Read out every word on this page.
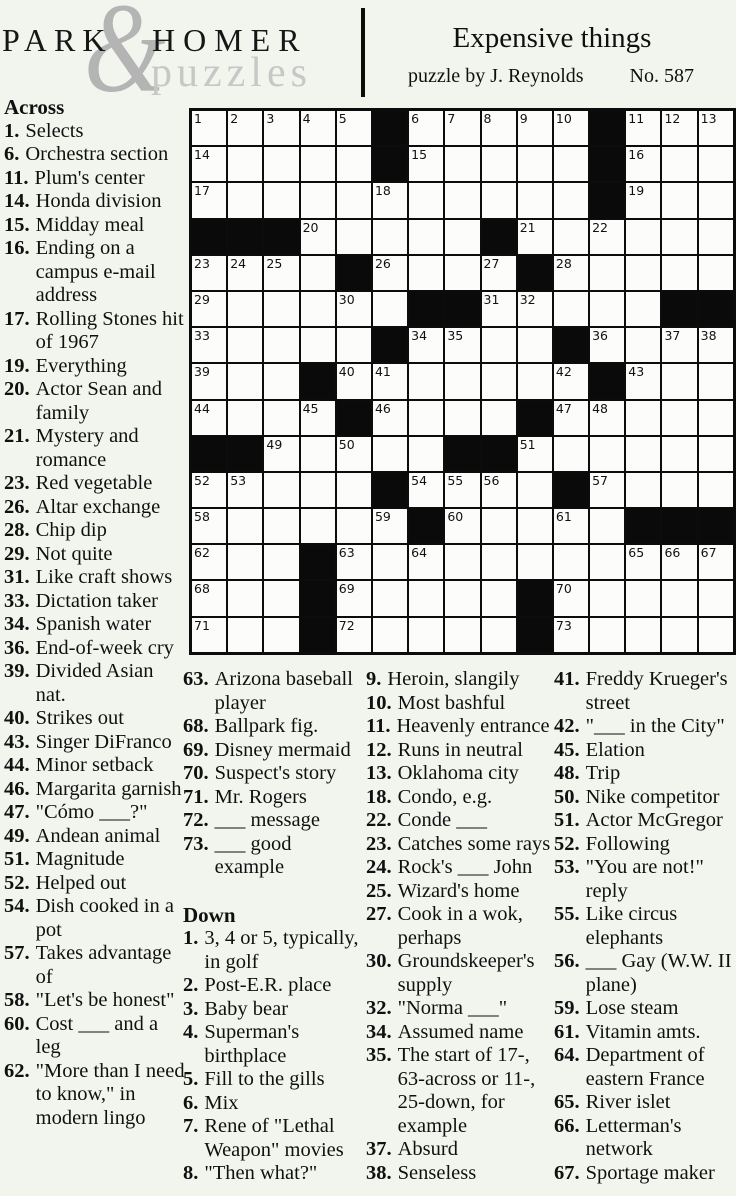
&
PARK HOMER
puzzles
Expensive things
puzzle by J. Reynolds No. 587
1 2 3 4 5	6 7 8 9 10	11 12 13
14	15	16
17	18	19
20	21	22
23 24 25	26	27	28
29	30	31 32
33	34 35	36	37 38
39	40 41	42	43
44	45	46	47 48
49	50	51
52 53	54 55 56	57
58	59	60	61
62	63	64	65 66 67
68	69	70
71	72	73
Across
1. Selects
6. Orchestra section
11. Plum's center
14. Honda division
15. Midday meal
16. Ending on a campus e-mail address
17. Rolling Stones hit of 1967
19. Everything
20. Actor Sean and family
21. Mystery and romance
23. Red vegetable
26. Altar exchange
28. Chip dip
29. Not quite
31. Like craft shows
33. Dictation taker
34. Spanish water
36. End-of-week cry
39. Divided Asian nat.
40. Strikes out
43. Singer DiFranco
44. Minor setback
46. Margarita garnish
47. "Cómo ___?"
49. Andean animal
51. Magnitude
52. Helped out
54. Dish cooked in a pot
57. Takes advantage of
58. "Let's be honest"
60. Cost ___ and a leg
62. "More than I need to know," in modern lingo
63. Arizona baseball player
68. Ballpark fig.
69. Disney mermaid
70. Suspect's story
71. Mr. Rogers
72. ___ message
73. ___ good example
Down
1. 3, 4 or 5, typically, in golf
2. Post-E.R. place
3. Baby bear
4. Superman's birthplace
5. Fill to the gills
6. Mix
7. Rene of "Lethal Weapon" movies
8. "Then what?"
9. Heroin, slangily
10. Most bashful
11. Heavenly entrance
12. Runs in neutral
13. Oklahoma city
18. Condo, e.g.
22. Conde ___
23. Catches some rays
24. Rock's ___ John
25. Wizard's home
27. Cook in a wok, perhaps
30. Groundskeeper's supply
32. "Norma ___"
34. Assumed name
35. The start of 17-, 63-across or 11-, 25-down, for example
37. Absurd
38. Senseless
41. Freddy Krueger's street
42. "___ in the City"
45. Elation
48. Trip
50. Nike competitor
51. Actor McGregor
52. Following
53. "You are not!" reply
55. Like circus elephants
56. ___ Gay (W.W. II plane)
59. Lose steam
61. Vitamin amts.
64. Department of eastern France
65. River islet
66. Letterman's network
67. Sportage maker
